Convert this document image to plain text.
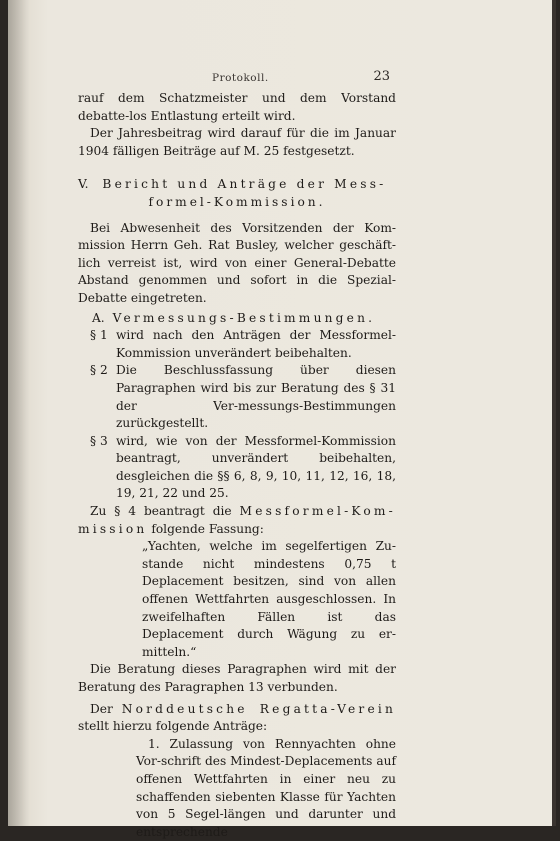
Protokoll.	23

rauf dem Schatzmeister und dem Vorstand debatte-los Entlastung erteilt wird.

Der Jahresbeitrag wird darauf für die im Januar 1904 fälligen Beiträge auf M. 25 festgesetzt.

V. Bericht und Anträge der Mess-

formel-Kommission.

Bei Abwesenheit des Vorsitzenden der Kom-mission Herrn Geh. Rat Busley, welcher geschäft-lich verreist ist, wird von einer General-Debatte Abstand genommen und sofort in die Spezial-Debatte eingetreten.

A. Vermessungs-Bestimmungen.

§ 1 wird nach den Anträgen der Messformel-Kommission unverändert beibehalten.
§ 2 Die Beschlussfassung über diesen Paragraphen wird bis zur Beratung des § 31 der Ver-messungs-Bestimmungen zurückgestellt.
§ 3 wird, wie von der Messformel-Kommission beantragt, unverändert beibehalten, desgleichen die §§ 6, 8, 9, 10, 11, 12, 16, 18, 19, 21, 22 und 25.

Zu § 4 beantragt die Messformel-Kom- mission folgende Fassung:

„Yachten, welche im segelfertigen Zu-stande nicht mindestens 0,75 t Deplacement besitzen, sind von allen offenen Wettfahrten ausgeschlossen. In zweifelhaften Fällen ist das Deplacement durch Wägung zu er-mitteln.“

Die Beratung dieses Paragraphen wird mit der Beratung des Paragraphen 13 verbunden.

Der Norddeutsche Regatta-Verein stellt hierzu folgende Anträge:

1. Zulassung von Rennyachten ohne Vor-schrift des Mindest-Deplacements auf offenen Wettfahrten in einer neu zu schaffenden siebenten Klasse für Yachten von 5 Segel-längen und darunter und entsprechende
